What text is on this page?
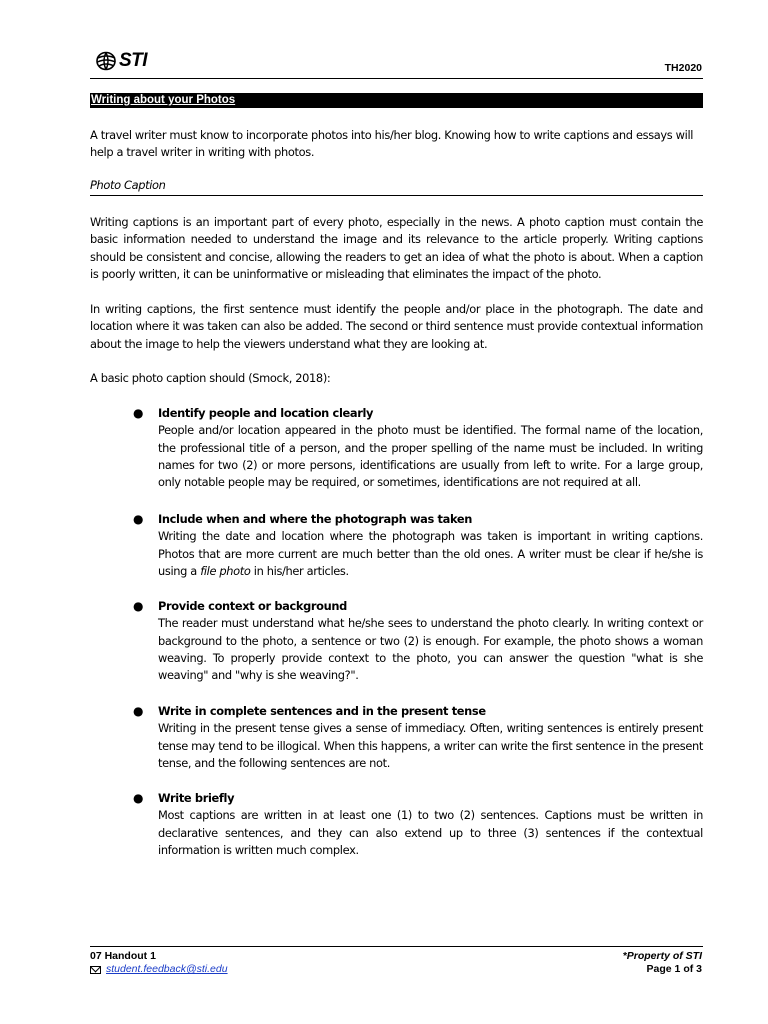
STI	TH2020
Writing about your Photos

A travel writer must know to incorporate photos into his/her blog. Knowing how to write captions and essays will help a travel writer in writing with photos.

Photo Caption

Writing captions is an important part of every photo, especially in the news. A photo caption must contain the basic information needed to understand the image and its relevance to the article properly. Writing captions should be consistent and concise, allowing the readers to get an idea of what the photo is about. When a caption is poorly written, it can be uninformative or misleading that eliminates the impact of the photo.

In writing captions, the first sentence must identify the people and/or place in the photograph. The date and location where it was taken can also be added. The second or third sentence must provide contextual information about the image to help the viewers understand what they are looking at.

A basic photo caption should (Smock, 2018):

● Identify people and location clearly
People and/or location appeared in the photo must be identified. The formal name of the location, the professional title of a person, and the proper spelling of the name must be included. In writing names for two (2) or more persons, identifications are usually from left to write. For a large group, only notable people may be required, or sometimes, identifications are not required at all.
● Include when and where the photograph was taken
Writing the date and location where the photograph was taken is important in writing captions. Photos that are more current are much better than the old ones. A writer must be clear if he/she is using a file photo in his/her articles.
● Provide context or background
The reader must understand what he/she sees to understand the photo clearly. In writing context or background to the photo, a sentence or two (2) is enough. For example, the photo shows a woman weaving. To properly provide context to the photo, you can answer the question "what is she weaving" and "why is she weaving?".
● Write in complete sentences and in the present tense
Writing in the present tense gives a sense of immediacy. Often, writing sentences is entirely present tense may tend to be illogical. When this happens, a writer can write the first sentence in the present tense, and the following sentences are not.
● Write briefly
Most captions are written in at least one (1) to two (2) sentences. Captions must be written in declarative sentences, and they can also extend up to three (3) sentences if the contextual information is written much complex.
07 Handout 1
student.feedback@sti.edu
*Property of STI
Page 1 of 3
